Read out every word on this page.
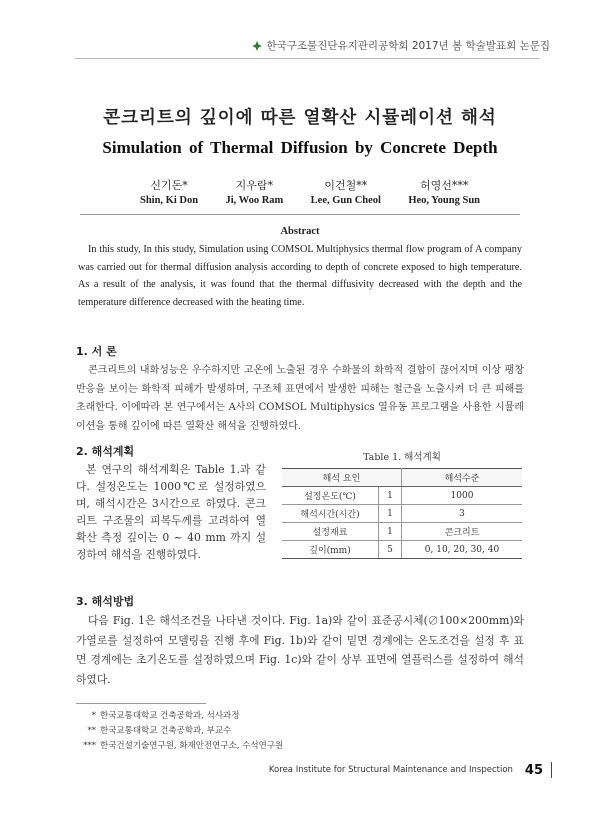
한국구조물진단유지관리공학회 2017년 봄 학술발표회 논문집
콘크리트의 깊이에 따른 열확산 시뮬레이션 해석
Simulation of Thermal Diffusion by Concrete Depth
신기돈*
Shin, Ki Don
지우람*
Ji, Woo Ram
이건철**
Lee, Gun Cheol
허영선***
Heo, Young Sun
Abstract
In this study, In this study, Simulation using COMSOL Multiphysics thermal flow program of A company was carried out for thermal diffusion analysis according to depth of concrete exposed to high temperature. As a result of the analysis, it was found that the thermal diffusivity decreased with the depth and the temperature difference decreased with the heating time.
1. 서 론
콘크리트의 내화성능은 우수하지만 고온에 노출된 경우 수화물의 화학적 결합이 끊어지며 이상 팽창 반응을 보이는 화학적 피해가 발생하며, 구조체 표면에서 발생한 피해는 철근을 노출시켜 더 큰 피해를 초래한다. 이에따라 본 연구에서는 A사의 COMSOL Multiphysics 열유동 프로그램을 사용한 시뮬레이션을 통해 깊이에 따른 열확산 해석을 진행하였다.
2. 해석계획
본 연구의 해석계획은 Table 1.과 같다. 설정온도는 1000℃로 설정하였으며, 해석시간은 3시간으로 하였다. 콘크리트 구조물의 피복두께를 고려하여 열확산 측정 깊이는 0 ~ 40 mm 까지 설정하여 해석을 진행하였다.
Table 1. 해석계획
해석 요인		해석수준
설정온도(℃)	1	1000
해석시간(시간)	1	3
설정재료	1	콘크리트
깊이(mm)	5	0, 10, 20, 30, 40
3. 해석방법
다음 Fig. 1은 해석조건을 나타낸 것이다. Fig. 1a)와 같이 표준공시체(∅100×200mm)와 가열로를 설정하여 모델링을 진행 후에 Fig. 1b)와 같이 밑면 경계에는 온도조건을 설정 후 표면 경계에는 초기온도를 설정하였으며 Fig. 1c)와 같이 상부 표면에 열플럭스를 설정하여 해석하였다.
* 한국교통대학교 건축공학과, 석사과정
** 한국교통대학교 건축공학과, 부교수
*** 한국건설기술연구원, 화재안전연구소, 수석연구원
Korea Institute for Structural Maintenance and Inspection 45
